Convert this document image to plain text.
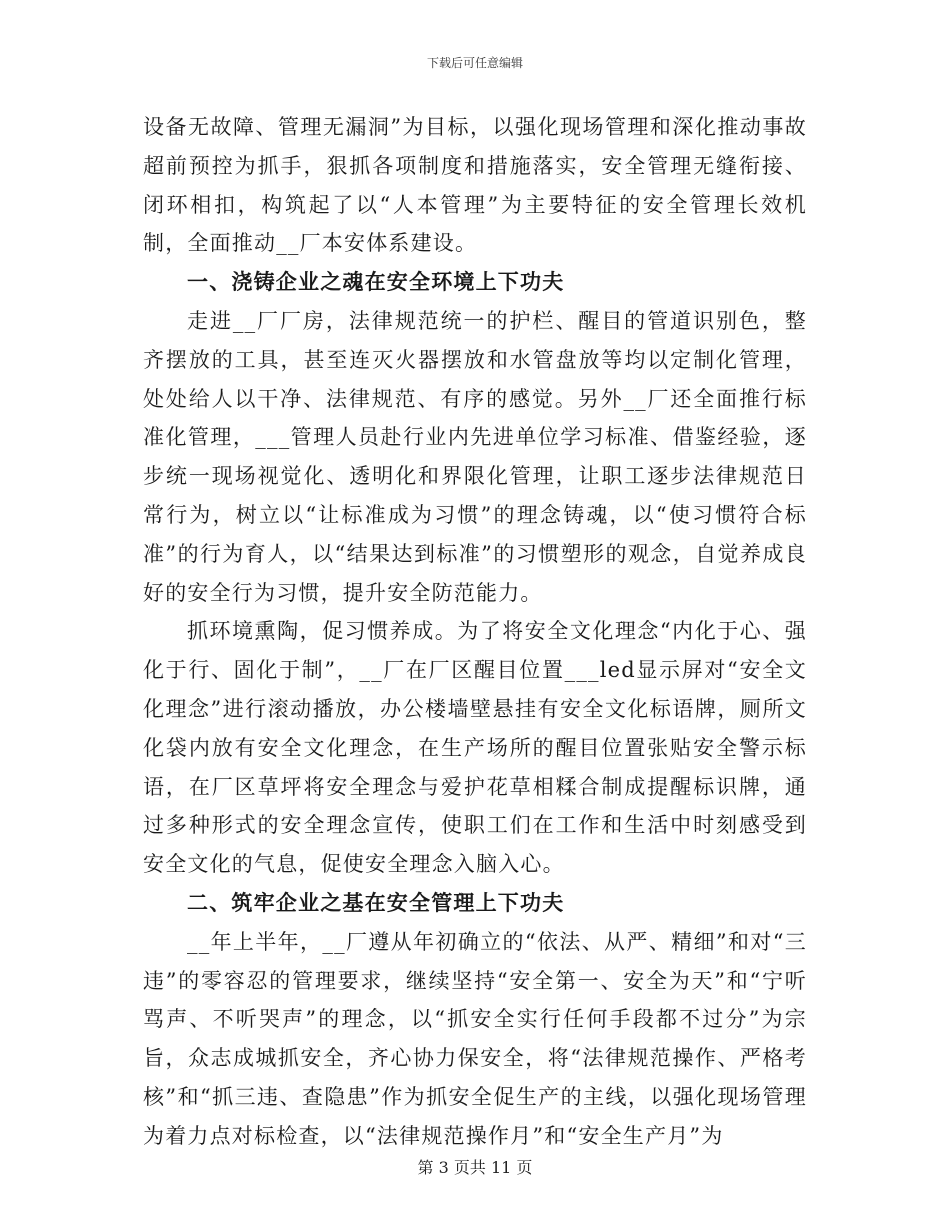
下载后可任意编辑

设备无故障、管理无漏洞”为目标，以强化现场管理和深化推动事故超前预控为抓手，狠抓各项制度和措施落实，安全管理无缝衔接、闭环相扣，构筑起了以“人本管理”为主要特征的安全管理长效机制，全面推动__厂本安体系建设。

一、浇铸企业之魂在安全环境上下功夫

走进__厂厂房，法律规范统一的护栏、醒目的管道识别色，整齐摆放的工具，甚至连灭火器摆放和水管盘放等均以定制化管理，处处给人以干净、法律规范、有序的感觉。另外__厂还全面推行标准化管理，___管理人员赴行业内先进单位学习标准、借鉴经验，逐步统一现场视觉化、透明化和界限化管理，让职工逐步法律规范日常行为，树立以“让标准成为习惯”的理念铸魂，以“使习惯符合标准”的行为育人，以“结果达到标准”的习惯塑形的观念，自觉养成良好的安全行为习惯，提升安全防范能力。

抓环境熏陶，促习惯养成。为了将安全文化理念“内化于心、强化于行、固化于制”，__厂在厂区醒目位置___led显示屏对“安全文化理念”进行滚动播放，办公楼墙壁悬挂有安全文化标语牌，厕所文化袋内放有安全文化理念，在生产场所的醒目位置张贴安全警示标语，在厂区草坪将安全理念与爱护花草相糅合制成提醒标识牌，通过多种形式的安全理念宣传，使职工们在工作和生活中时刻感受到安全文化的气息，促使安全理念入脑入心。

二、筑牢企业之基在安全管理上下功夫

__年上半年，__厂遵从年初确立的“依法、从严、精细”和对“三违”的零容忍的管理要求，继续坚持“安全第一、安全为天”和“宁听骂声、不听哭声”的理念，以“抓安全实行任何手段都不过分”为宗旨，众志成城抓安全，齐心协力保安全，将“法律规范操作、严格考核”和“抓三违、查隐患”作为抓安全促生产的主线，以强化现场管理为着力点对标检查，以“法律规范操作月”和“安全生产月”为

第 3 页共 11 页
